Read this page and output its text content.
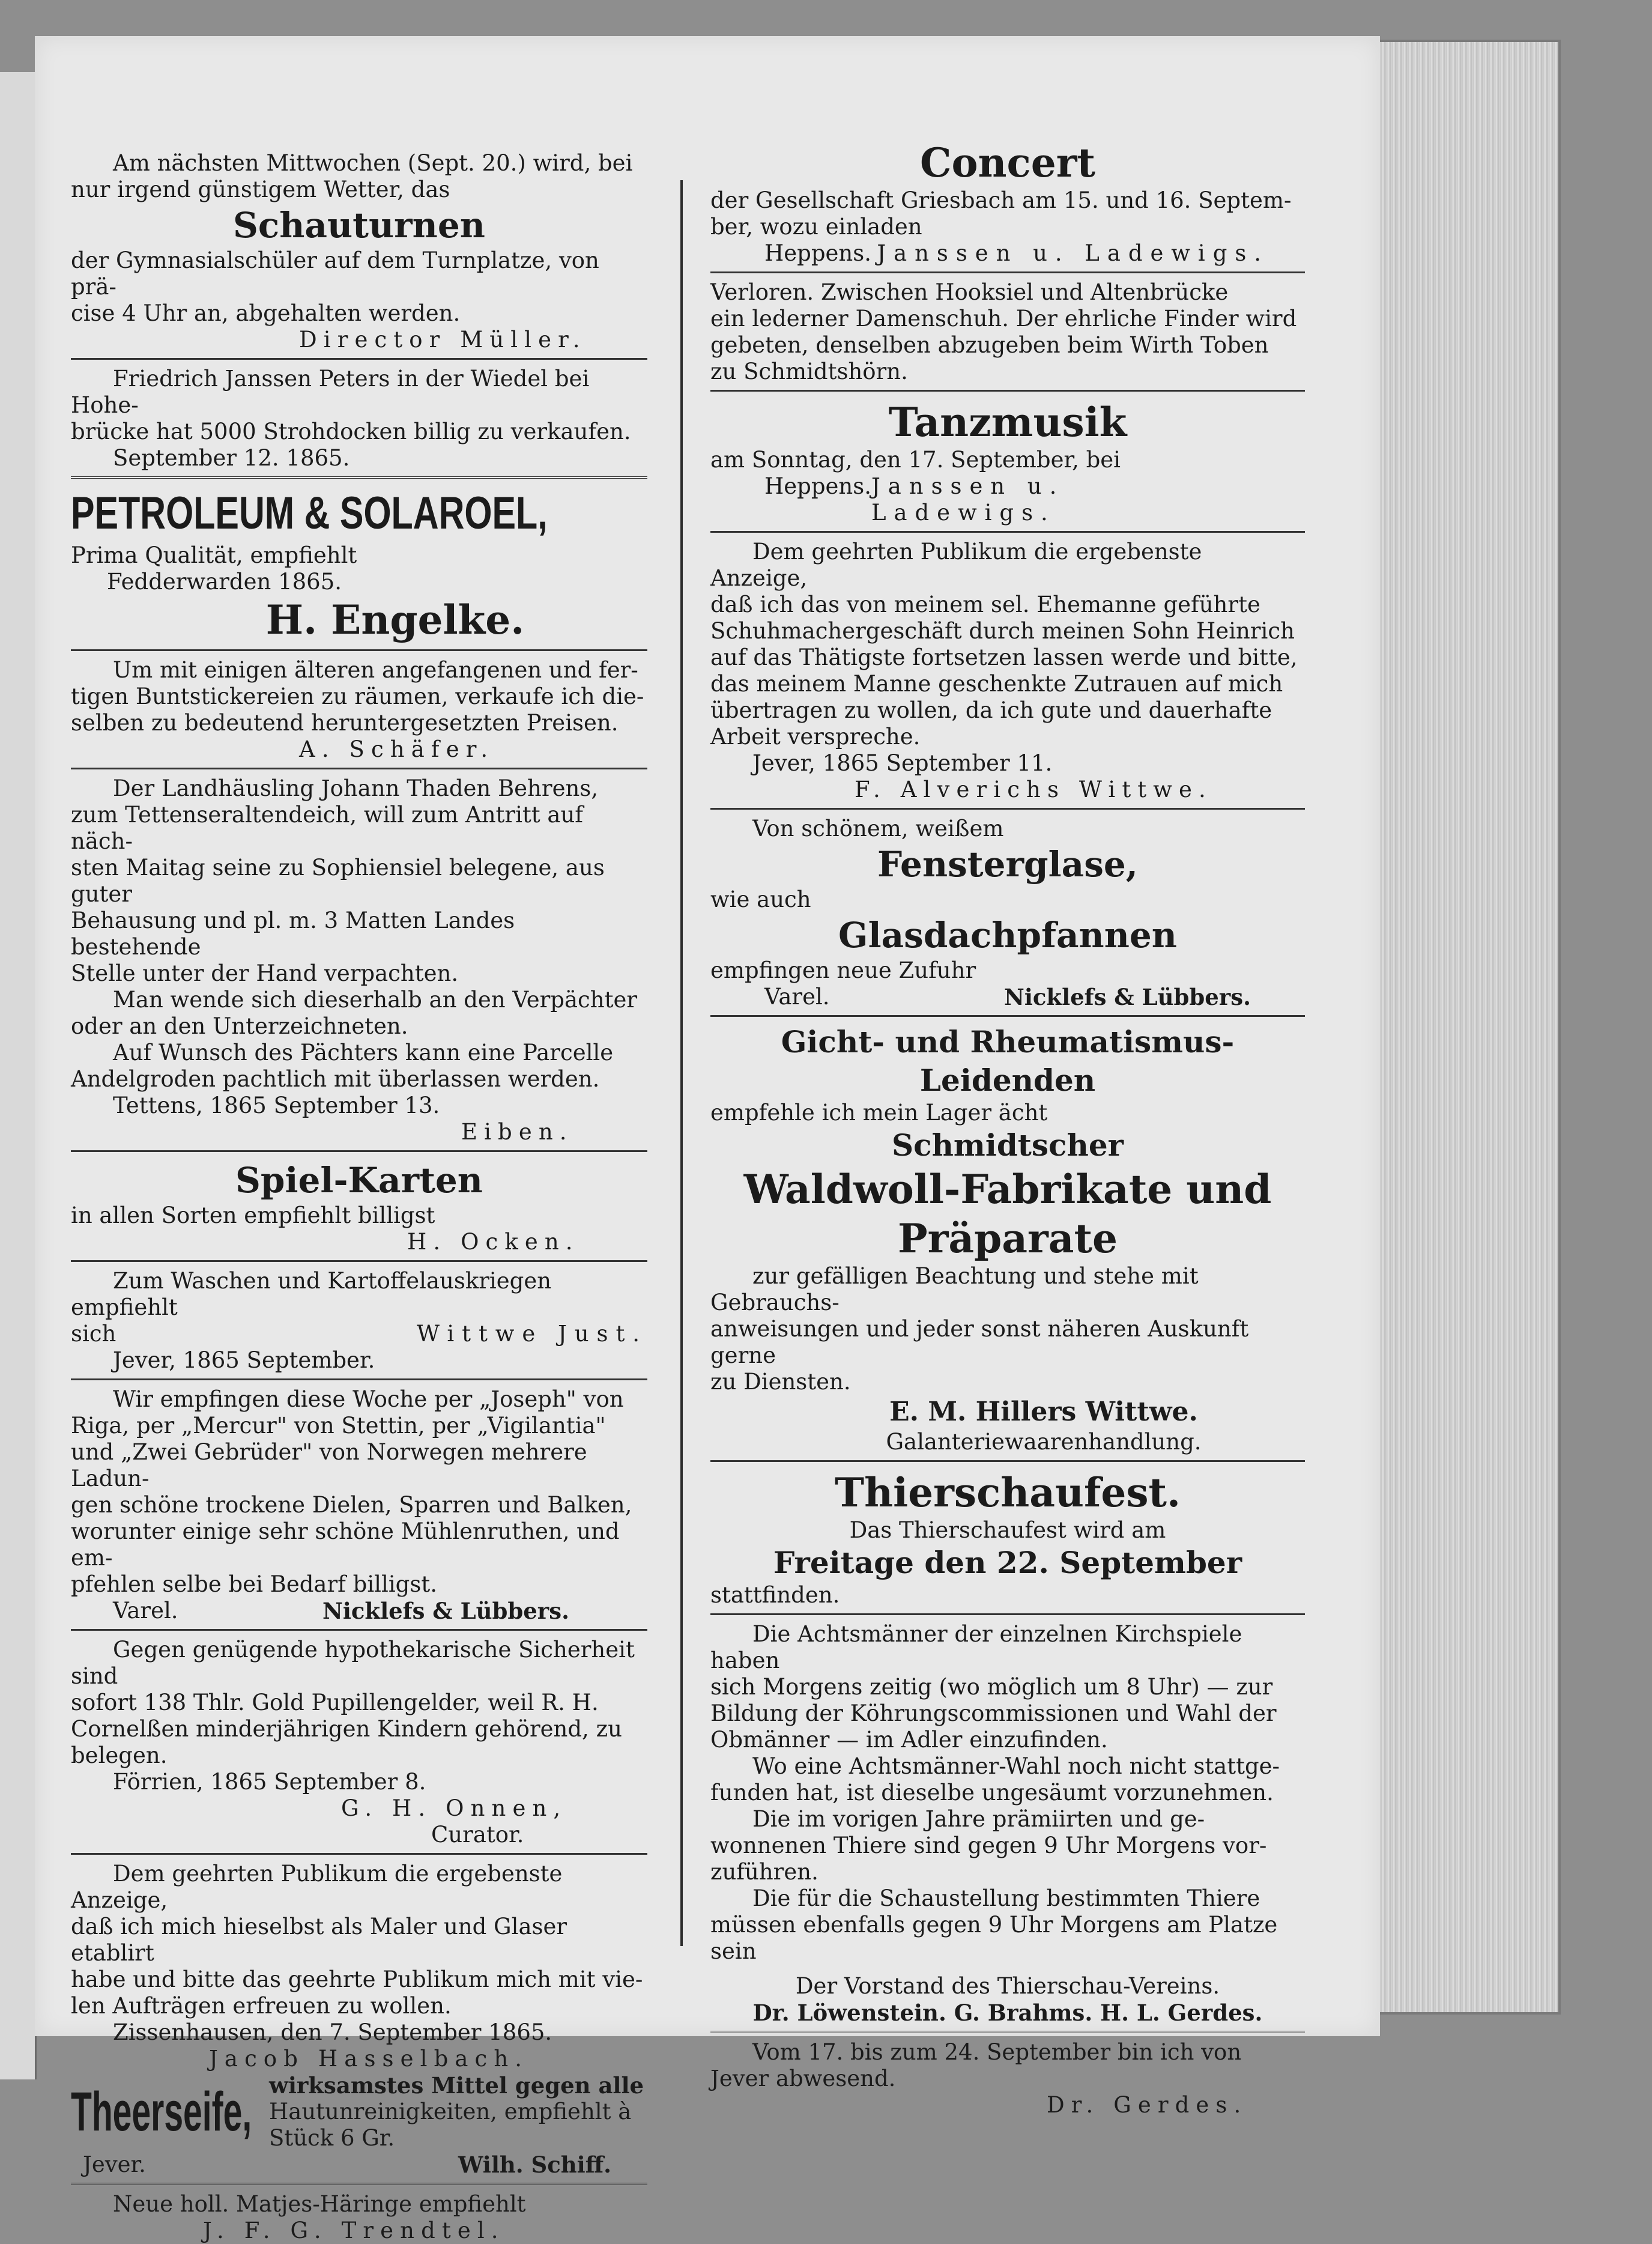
Am nächsten Mittwochen (Sept. 20.) wird, bei

nur irgend günstigem Wetter, das

Schauturnen

der Gymnasialschüler auf dem Turnplatze, von prä-

cise 4 Uhr an, abgehalten werden.

Director Müller.

Friedrich Janssen Peters in der Wiedel bei Hohe-

brücke hat 5000 Strohdocken billig zu verkaufen.

September 12. 1865.

PETROLEUM & SOLAROEL,

Prima Qualität, empfiehlt

Fedderwarden 1865.

H. Engelke.

Um mit einigen älteren angefangenen und fer-

tigen Buntstickereien zu räumen, verkaufe ich die-

selben zu bedeutend heruntergesetzten Preisen.

A. Schäfer.

Der Landhäusling Johann Thaden Behrens,

zum Tettenseraltendeich, will zum Antritt auf näch-

sten Maitag seine zu Sophiensiel belegene, aus guter

Behausung und pl. m. 3 Matten Landes bestehende

Stelle unter der Hand verpachten.

Man wende sich dieserhalb an den Verpächter

oder an den Unterzeichneten.

Auf Wunsch des Pächters kann eine Parcelle

Andelgroden pachtlich mit überlassen werden.

Tettens, 1865 September 13.

Eiben.

Spiel-Karten

in allen Sorten empfiehlt billigst

H. Ocken.

Zum Waschen und Kartoffelauskriegen empfiehlt

sich	Wittwe Just.

Jever, 1865 September.

Wir empfingen diese Woche per „Joseph" von

Riga, per „Mercur" von Stettin, per „Vigilantia"

und „Zwei Gebrüder" von Norwegen mehrere Ladun-

gen schöne trockene Dielen, Sparren und Balken,

worunter einige sehr schöne Mühlenruthen, und em-

pfehlen selbe bei Bedarf billigst.

Varel.	Nicklefs & Lübbers.

Gegen genügende hypothekarische Sicherheit sind

sofort 138 Thlr. Gold Pupillengelder, weil R. H.

Cornelßen minderjährigen Kindern gehörend, zu belegen.

Förrien, 1865 September 8.

G. H. Onnen,

Curator.

Dem geehrten Publikum die ergebenste Anzeige,

daß ich mich hieselbst als Maler und Glaser etablirt

habe und bitte das geehrte Publikum mich mit vie-

len Aufträgen erfreuen zu wollen.

Zissenhausen, den 7. September 1865.

Jacob Hasselbach.

Theerseife, wirksamstes Mittel gegen alle

Hautunreinigkeiten, empfiehlt à

Stück 6 Gr.

Jever.	Wilh. Schiff.

Neue holl. Matjes-Häringe empfiehlt

J. F. G. Trendtel.

Concert

der Gesellschaft Griesbach am 15. und 16. Septem-

ber, wozu einladen

Heppens. Janssen u. Ladewigs.

Verloren. Zwischen Hooksiel und Altenbrücke

ein lederner Damenschuh. Der ehrliche Finder wird

gebeten, denselben abzugeben beim Wirth Toben

zu Schmidtshörn.

Tanzmusik

am Sonntag, den 17. September, bei

Heppens. Janssen u. Ladewigs.

Dem geehrten Publikum die ergebenste Anzeige,

daß ich das von meinem sel. Ehemanne geführte

Schuhmachergeschäft durch meinen Sohn Heinrich

auf das Thätigste fortsetzen lassen werde und bitte,

das meinem Manne geschenkte Zutrauen auf mich

übertragen zu wollen, da ich gute und dauerhafte

Arbeit verspreche.

Jever, 1865 September 11.

F. Alverichs Wittwe.

Von schönem, weißem

Fensterglase,

wie auch

Glasdachpfannen

empfingen neue Zufuhr

Varel.	Nicklefs & Lübbers.

Gicht- und Rheumatismus-

Leidenden

empfehle ich mein Lager ächt

Schmidtscher

Waldwoll-Fabrikate und

Präparate

zur gefälligen Beachtung und stehe mit Gebrauchs-

anweisungen und jeder sonst näheren Auskunft gerne

zu Diensten.

E. M. Hillers Wittwe.

Galanteriewaarenhandlung.

Thierschaufest.

Das Thierschaufest wird am

Freitage den 22. September

stattfinden.

Die Achtsmänner der einzelnen Kirchspiele haben

sich Morgens zeitig (wo möglich um 8 Uhr) — zur

Bildung der Köhrungscommissionen und Wahl der

Obmänner — im Adler einzufinden.

Wo eine Achtsmänner-Wahl noch nicht stattge-

funden hat, ist dieselbe ungesäumt vorzunehmen.

Die im vorigen Jahre prämiirten und ge-

wonnenen Thiere sind gegen 9 Uhr Morgens vor-

zuführen.

Die für die Schaustellung bestimmten Thiere

müssen ebenfalls gegen 9 Uhr Morgens am Platze

sein

Der Vorstand des Thierschau-Vereins.

Dr. Löwenstein. G. Brahms. H. L. Gerdes.

Vom 17. bis zum 24. September bin ich von

Jever abwesend.

Dr. Gerdes.
